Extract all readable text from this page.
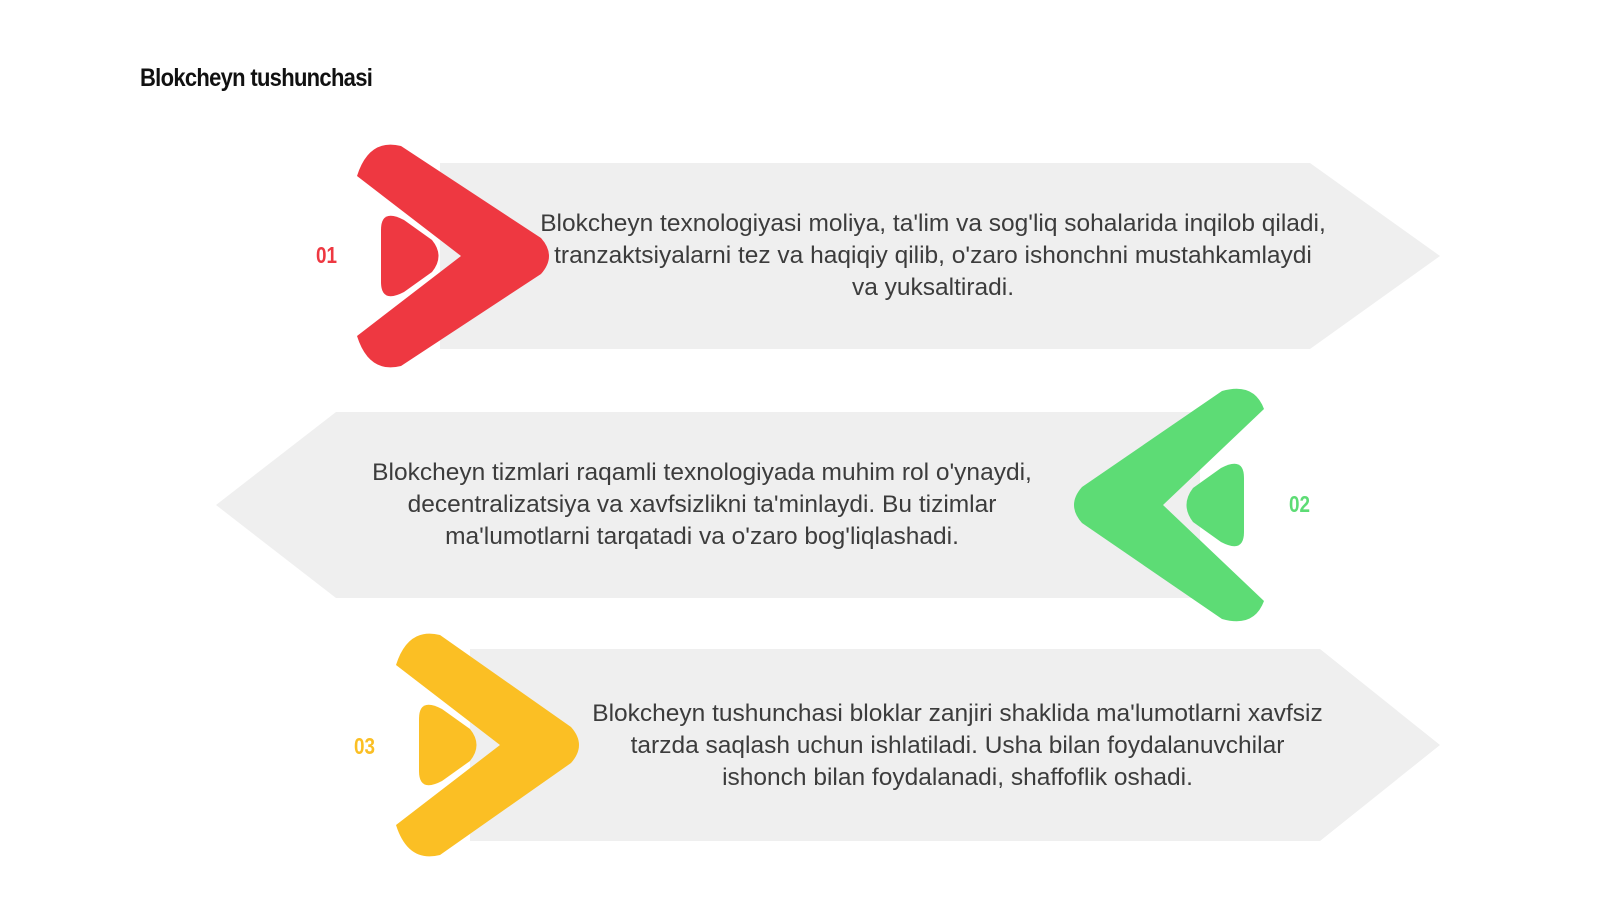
Blokcheyn tushunchasi
01
Blokcheyn texnologiyasi moliya, ta'lim va sog'liq sohalarida inqilob qiladi, tranzaktsiyalarni tez va haqiqiy qilib, o'zaro ishonchni mustahkamlaydi va yuksaltiradi.
02
Blokcheyn tizmlari raqamli texnologiyada muhim rol o'ynaydi, decentralizatsiya va xavfsizlikni ta'minlaydi. Bu tizimlar ma'lumotlarni tarqatadi va o'zaro bog'liqlashadi.
03
Blokcheyn tushunchasi bloklar zanjiri shaklida ma'lumotlarni xavfsiz tarzda saqlash uchun ishlatiladi. Usha bilan foydalanuvchilar ishonch bilan foydalanadi, shaffoflik oshadi.
